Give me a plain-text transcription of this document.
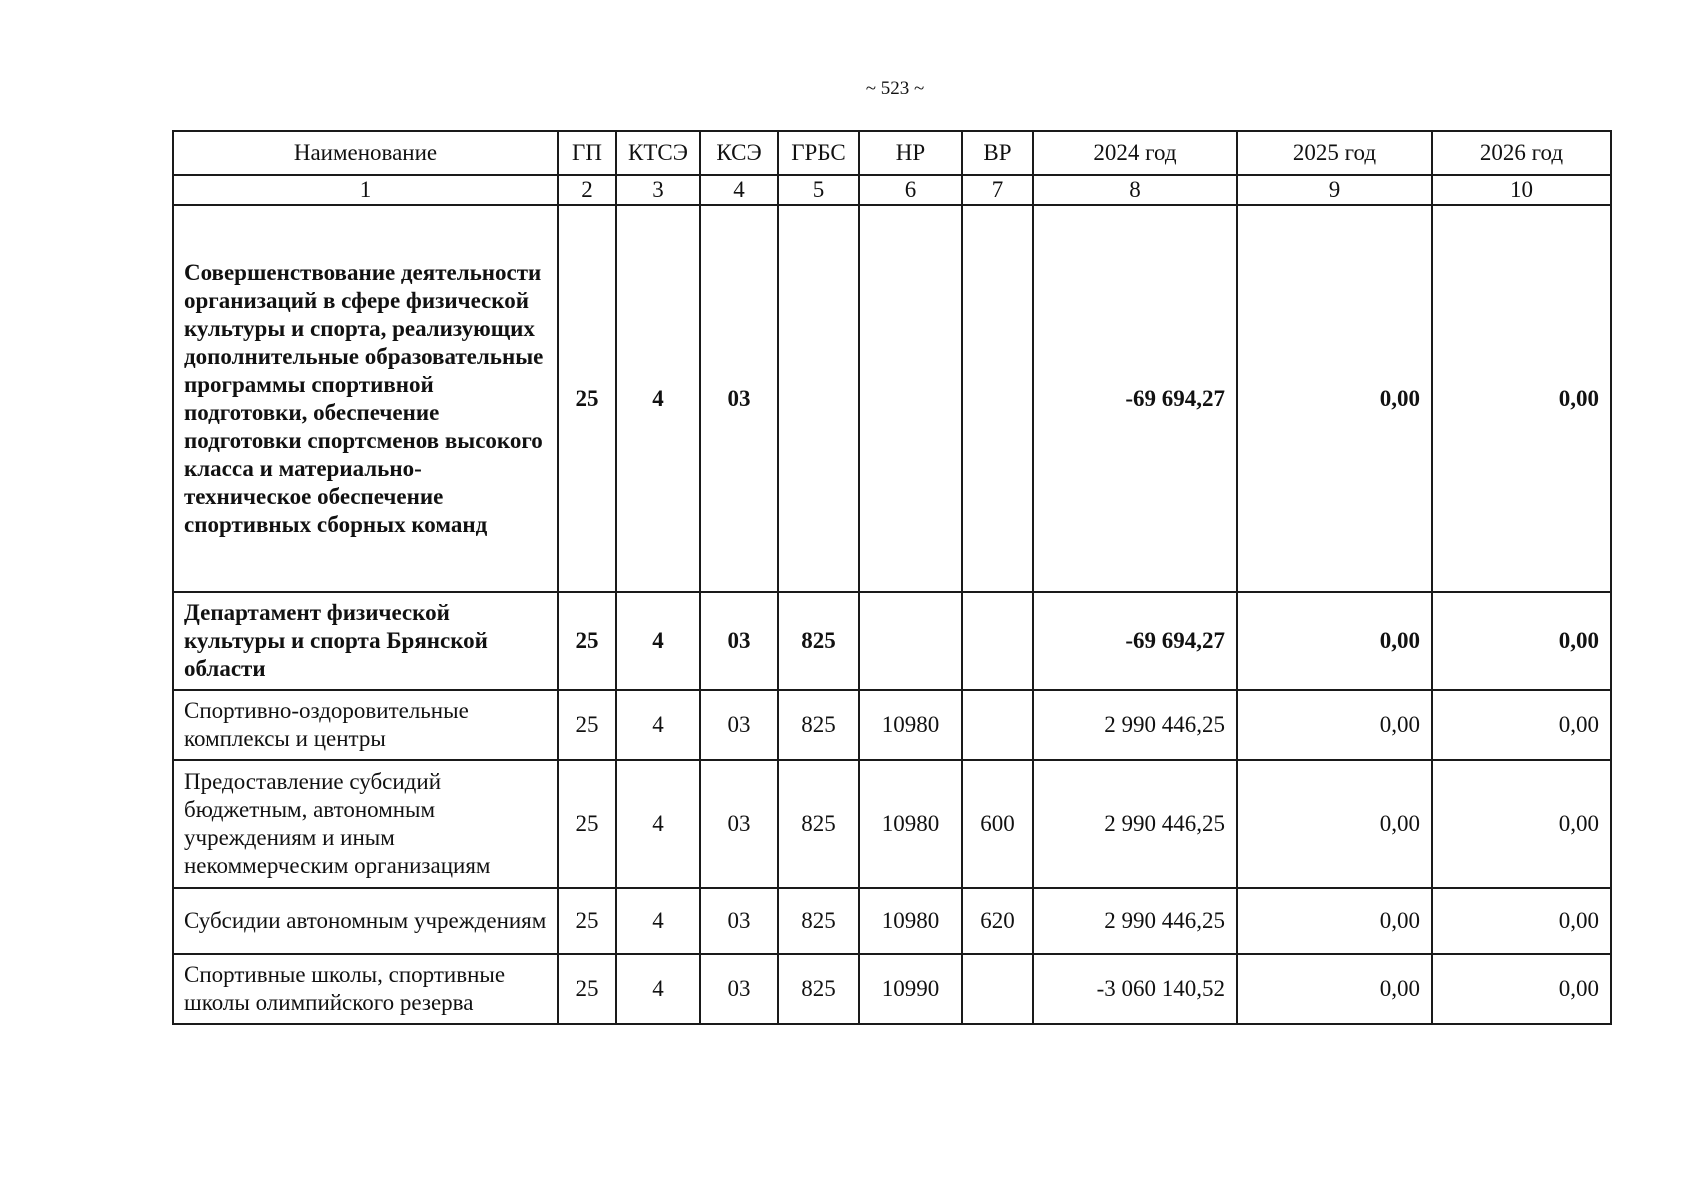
~ 523 ~
Наименование	ГП	КТСЭ	КСЭ	ГРБС	НР	ВР	2024 год	2025 год	2026 год
1	2	3	4	5	6	7	8	9	10
Совершенствование деятельности организаций в сфере физической культуры и спорта, реализующих дополнительные образовательные программы спортивной подготовки, обеспечение подготовки спортсменов высокого класса и материально-техническое обеспечение спортивных сборных команд	25	4	03				-69 694,27	0,00	0,00
Департамент физической культуры и спорта Брянской области	25	4	03	825			-69 694,27	0,00	0,00
Спортивно-оздоровительные комплексы и центры	25	4	03	825	10980		2 990 446,25	0,00	0,00
Предоставление субсидий бюджетным, автономным учреждениям и иным некоммерческим организациям	25	4	03	825	10980	600	2 990 446,25	0,00	0,00
Субсидии автономным учреждениям	25	4	03	825	10980	620	2 990 446,25	0,00	0,00
Спортивные школы, спортивные школы олимпийского резерва	25	4	03	825	10990		-3 060 140,52	0,00	0,00
